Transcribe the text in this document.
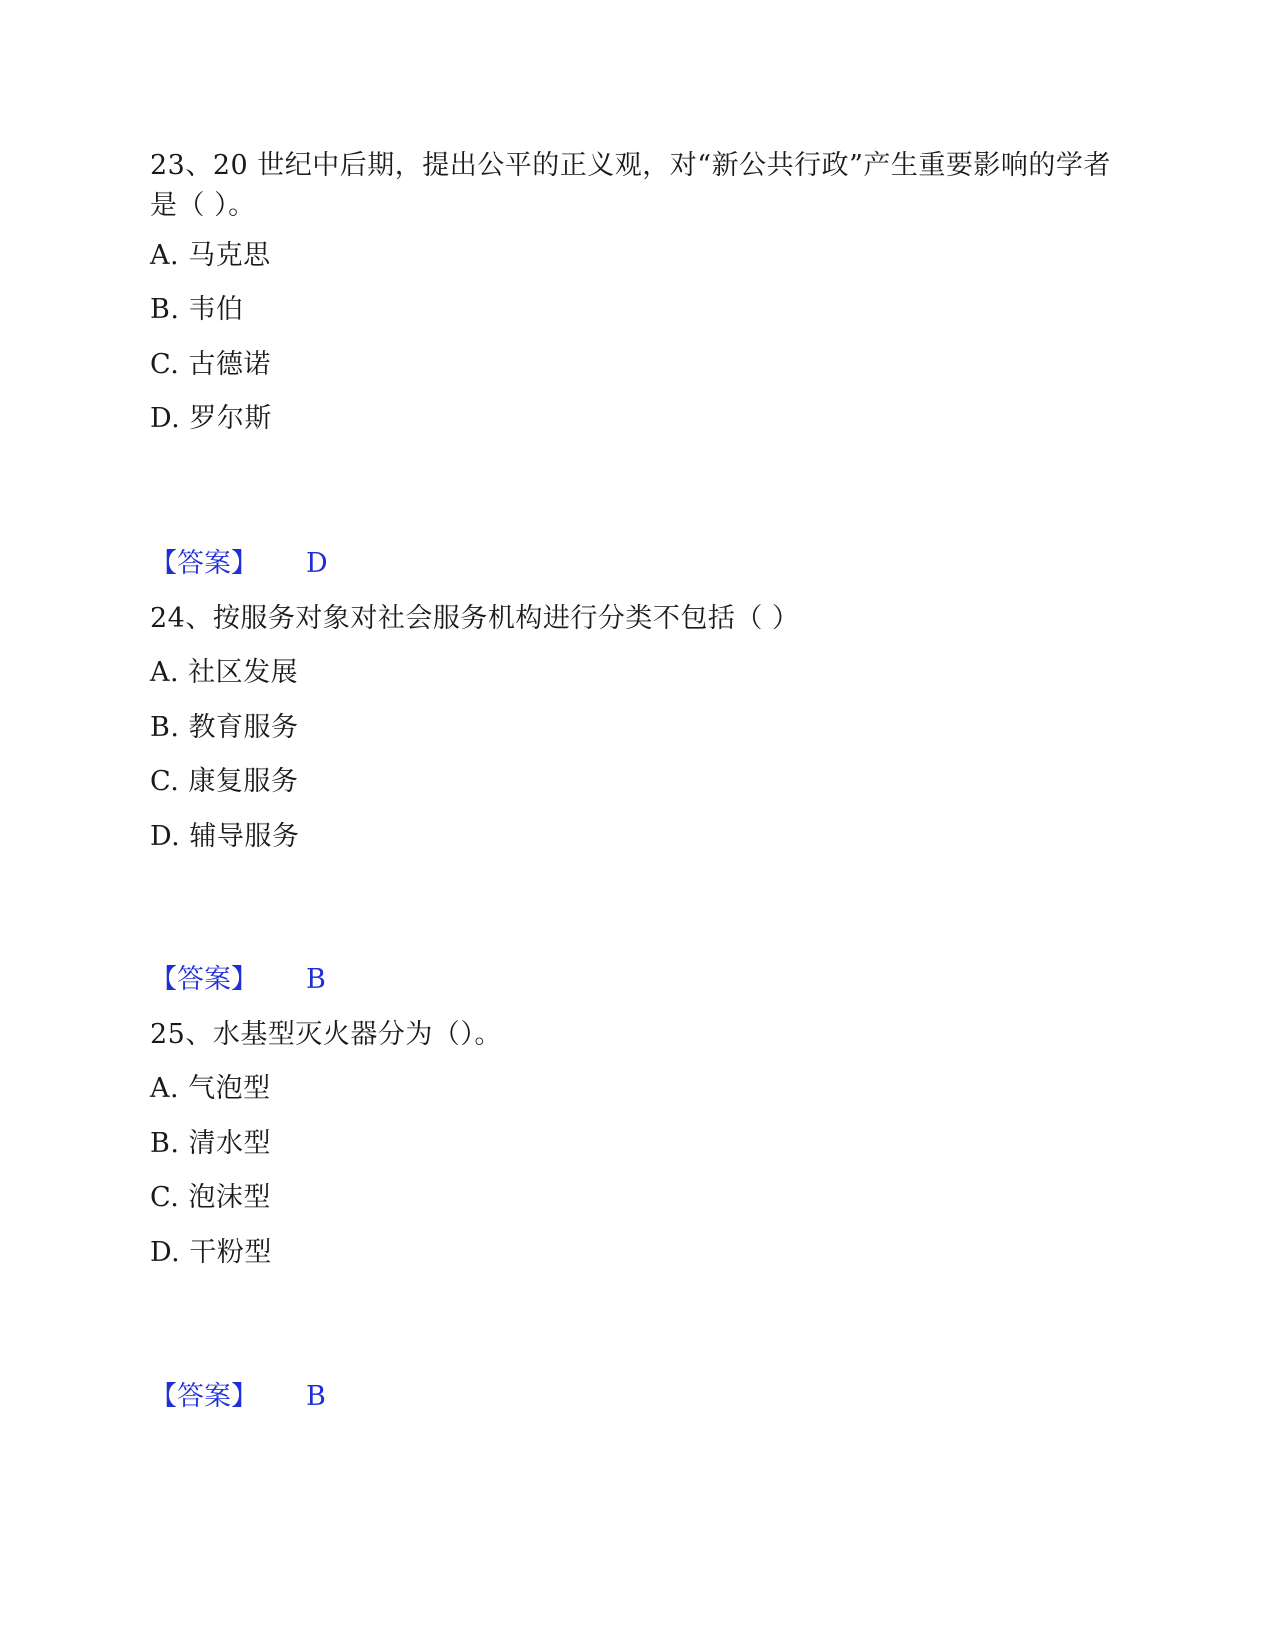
23、20 世纪中后期，提出公平的正义观，对“新公共行政”产生重要影响的学者是（ ）。
A. 马克思
B. 韦伯
C. 古德诺
D. 罗尔斯
【答案】 D
24、按服务对象对社会服务机构进行分类不包括（ ）
A. 社区发展
B. 教育服务
C. 康复服务
D. 辅导服务
【答案】 B
25、水基型灭火器分为（）。
A. 气泡型
B. 清水型
C. 泡沫型
D. 干粉型
【答案】 B
